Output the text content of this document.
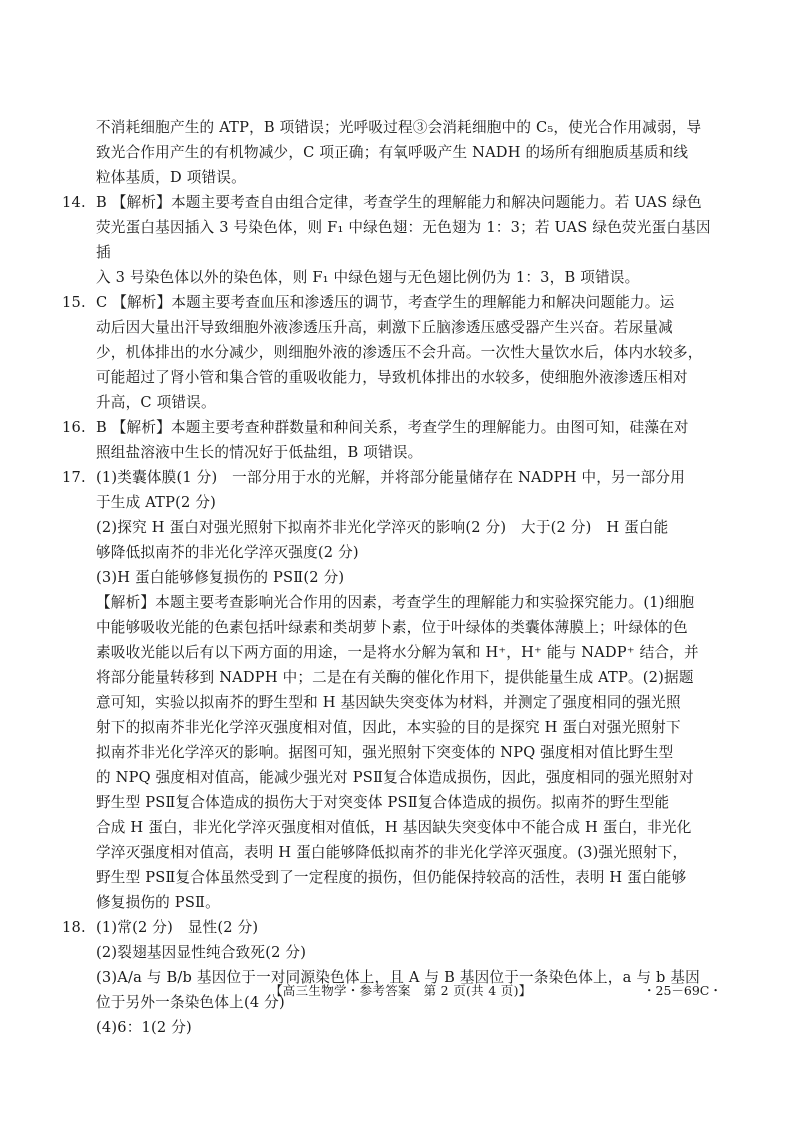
不消耗细胞产生的 ATP，B 项错误；光呼吸过程③会消耗细胞中的 C₅，使光合作用减弱，导

致光合作用产生的有机物减少，C 项正确；有氧呼吸产生 NADH 的场所有细胞质基质和线

粒体基质，D 项错误。

14. B 【解析】本题主要考查自由组合定律，考查学生的理解能力和解决问题能力。若 UAS 绿色

荧光蛋白基因插入 3 号染色体，则 F₁ 中绿色翅：无色翅为 1：3；若 UAS 绿色荧光蛋白基因插

入 3 号染色体以外的染色体，则 F₁ 中绿色翅与无色翅比例仍为 1：3，B 项错误。

15. C 【解析】本题主要考查血压和渗透压的调节，考查学生的理解能力和解决问题能力。运

动后因大量出汗导致细胞外液渗透压升高，刺激下丘脑渗透压感受器产生兴奋。若尿量减

少，机体排出的水分减少，则细胞外液的渗透压不会升高。一次性大量饮水后，体内水较多，

可能超过了肾小管和集合管的重吸收能力，导致机体排出的水较多，使细胞外液渗透压相对

升高，C 项错误。

16. B 【解析】本题主要考查种群数量和种间关系，考查学生的理解能力。由图可知，硅藻在对

照组盐溶液中生长的情况好于低盐组，B 项错误。

17. (1)类囊体膜(1 分)　一部分用于水的光解，并将部分能量储存在 NADPH 中，另一部分用

于生成 ATP(2 分)

(2)探究 H 蛋白对强光照射下拟南芥非光化学淬灭的影响(2 分)　大于(2 分)　H 蛋白能

够降低拟南芥的非光化学淬灭强度(2 分)

(3)H 蛋白能够修复损伤的 PSⅡ(2 分)

【解析】本题主要考查影响光合作用的因素，考查学生的理解能力和实验探究能力。(1)细胞

中能够吸收光能的色素包括叶绿素和类胡萝卜素，位于叶绿体的类囊体薄膜上；叶绿体的色

素吸收光能以后有以下两方面的用途，一是将水分解为氧和 H⁺，H⁺ 能与 NADP⁺ 结合，并

将部分能量转移到 NADPH 中；二是在有关酶的催化作用下，提供能量生成 ATP。(2)据题

意可知，实验以拟南芥的野生型和 H 基因缺失突变体为材料，并测定了强度相同的强光照

射下的拟南芥非光化学淬灭强度相对值，因此，本实验的目的是探究 H 蛋白对强光照射下

拟南芥非光化学淬灭的影响。据图可知，强光照射下突变体的 NPQ 强度相对值比野生型

的 NPQ 强度相对值高，能减少强光对 PSⅡ复合体造成损伤，因此，强度相同的强光照射对

野生型 PSⅡ复合体造成的损伤大于对突变体 PSⅡ复合体造成的损伤。拟南芥的野生型能

合成 H 蛋白，非光化学淬灭强度相对值低，H 基因缺失突变体中不能合成 H 蛋白，非光化

学淬灭强度相对值高，表明 H 蛋白能够降低拟南芥的非光化学淬灭强度。(3)强光照射下，

野生型 PSⅡ复合体虽然受到了一定程度的损伤，但仍能保持较高的活性，表明 H 蛋白能够

修复损伤的 PSⅡ。

18. (1)常(2 分)　显性(2 分)

(2)裂翅基因显性纯合致死(2 分)

(3)A/a 与 B/b 基因位于一对同源染色体上，且 A 与 B 基因位于一条染色体上，a 与 b 基因

位于另外一条染色体上(4 分)

(4)6：1(2 分)

【高三生物学・参考答案　第 2 页(共 4 页)】	・25－69C・
